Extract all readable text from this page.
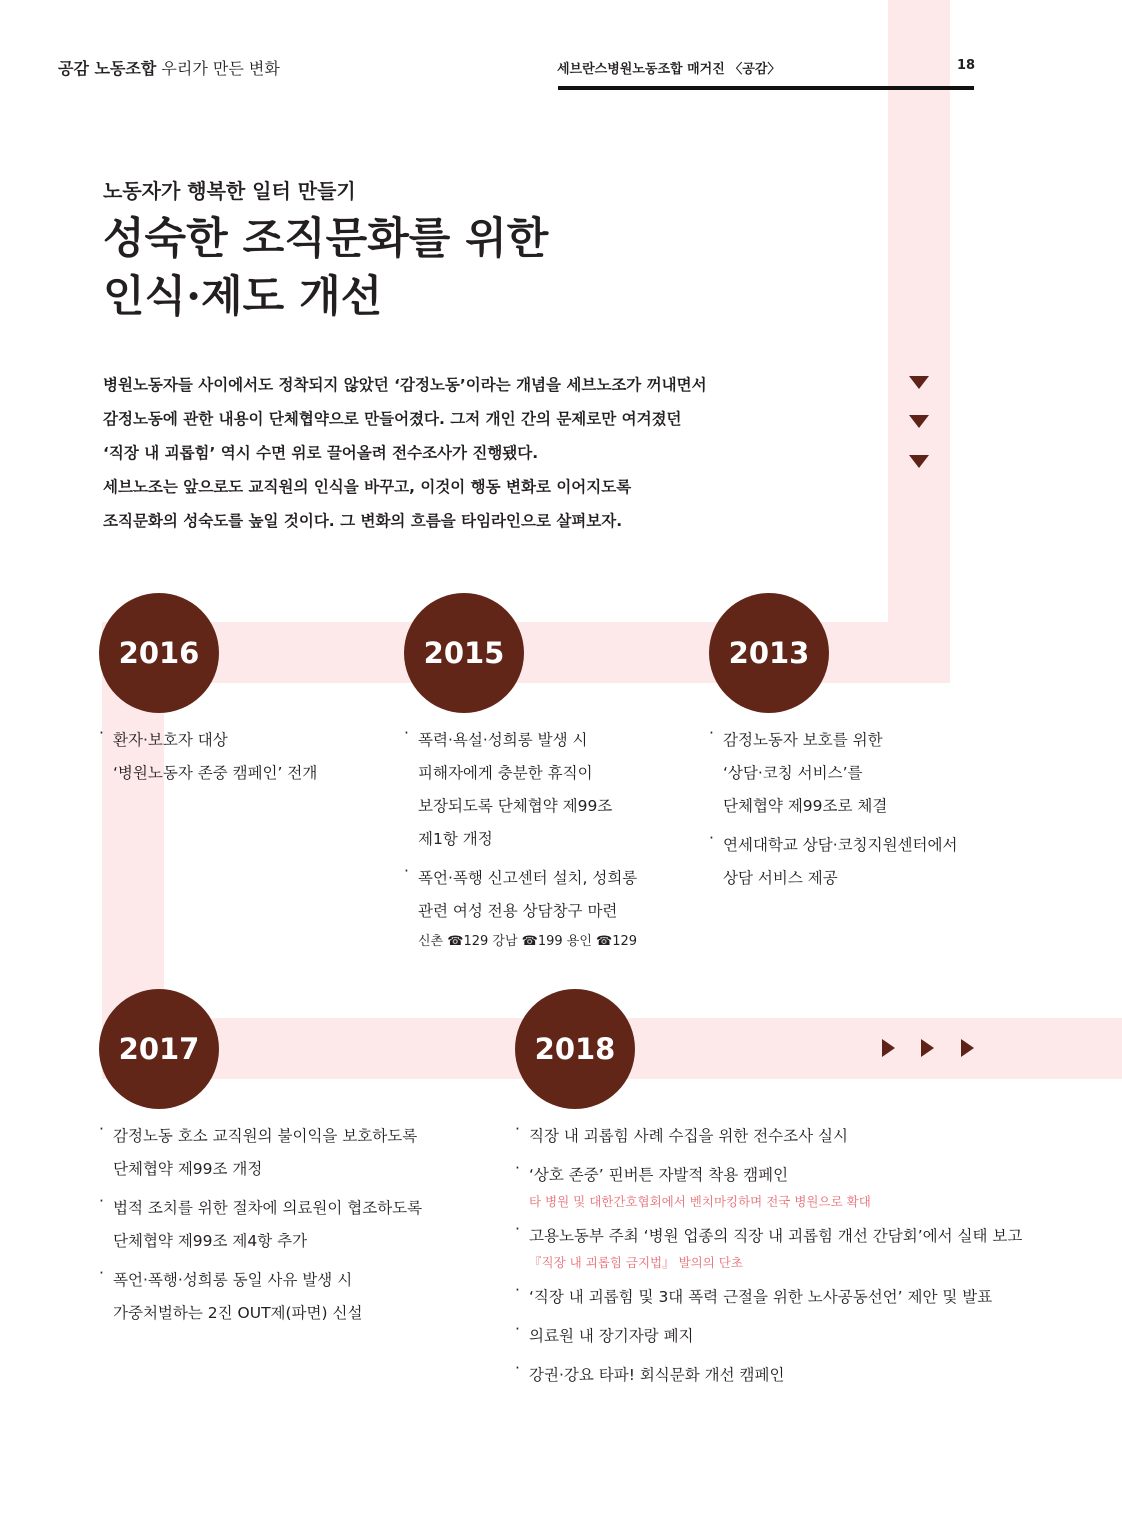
공감 노동조합 우리가 만든 변화	세브란스병원노동조합 매거진 〈공감〉	18
노동자가 행복한 일터 만들기
성숙한 조직문화를 위한
인식·제도 개선
병원노동자들 사이에서도 정착되지 않았던 ‘감정노동’이라는 개념을 세브노조가 꺼내면서
감정노동에 관한 내용이 단체협약으로 만들어졌다. 그저 개인 간의 문제로만 여겨졌던
‘직장 내 괴롭힘’ 역시 수면 위로 끌어올려 전수조사가 진행됐다.
세브노조는 앞으로도 교직원의 인식을 바꾸고, 이것이 행동 변화로 이어지도록
조직문화의 성숙도를 높일 것이다. 그 변화의 흐름을 타임라인으로 살펴보자.
2016	2015	2013
2017	2018
· 환자·보호자 대상
‘병원노동자 존중 캠페인’ 전개
· 폭력·욕설·성희롱 발생 시
피해자에게 충분한 휴직이
보장되도록 단체협약 제99조
제1항 개정
· 폭언·폭행 신고센터 설치, 성희롱
관련 여성 전용 상담창구 마련
신촌 ☎129 강남 ☎199 용인 ☎129
· 감정노동자 보호를 위한
‘상담·코칭 서비스’를
단체협약 제99조로 체결
· 연세대학교 상담·코칭지원센터에서
상담 서비스 제공
· 감정노동 호소 교직원의 불이익을 보호하도록
단체협약 제99조 개정
· 법적 조치를 위한 절차에 의료원이 협조하도록
단체협약 제99조 제4항 추가
· 폭언·폭행·성희롱 동일 사유 발생 시
가중처벌하는 2진 OUT제(파면) 신설
· 직장 내 괴롭힘 사례 수집을 위한 전수조사 실시
· ‘상호 존중’ 핀버튼 자발적 착용 캠페인
타 병원 및 대한간호협회에서 벤치마킹하며 전국 병원으로 확대
· 고용노동부 주최 ‘병원 업종의 직장 내 괴롭힘 개선 간담회’에서 실태 보고
『직장 내 괴롭힘 금지법』 발의의 단초
· ‘직장 내 괴롭힘 및 3대 폭력 근절을 위한 노사공동선언’ 제안 및 발표
· 의료원 내 장기자랑 폐지
· 강권·강요 타파! 회식문화 개선 캠페인
